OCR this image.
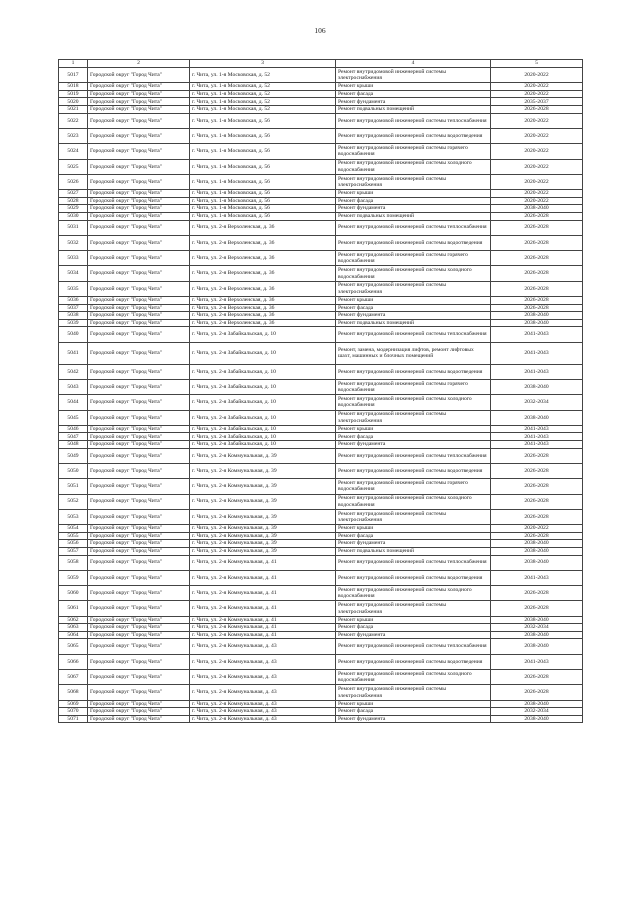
106
1	2	3	4	5
5017	Городской округ "Город Чита"	г. Чита, ул. 1-я Московская, д. 52	Ремонт внутридомовой инженерной системы электроснабжения	2020-2022
5018	Городской округ "Город Чита"	г. Чита, ул. 1-я Московская, д. 52	Ремонт крыши	2020-2022
5019	Городской округ "Город Чита"	г. Чита, ул. 1-я Московская, д. 52	Ремонт фасада	2020-2022
5020	Городской округ "Город Чита"	г. Чита, ул. 1-я Московская, д. 52	Ремонт фундамента	2035-2037
5021	Городской округ "Город Чита"	г. Чита, ул. 1-я Московская, д. 52	Ремонт подвальных помещений	2026-2028
5022	Городской округ "Город Чита"	г. Чита, ул. 1-я Московская, д. 56	Ремонт внутридомовой инженерной системы теплоснабжения	2020-2022
5023	Городской округ "Город Чита"	г. Чита, ул. 1-я Московская, д. 56	Ремонт внутридомовой инженерной системы водоотведения	2020-2022
5024	Городской округ "Город Чита"	г. Чита, ул. 1-я Московская, д. 56	Ремонт внутридомовой инженерной системы горячего водоснабжения	2020-2022
5025	Городской округ "Город Чита"	г. Чита, ул. 1-я Московская, д. 56	Ремонт внутридомовой инженерной системы холодного водоснабжения	2020-2022
5026	Городской округ "Город Чита"	г. Чита, ул. 1-я Московская, д. 56	Ремонт внутридомовой инженерной системы электроснабжения	2020-2022
5027	Городской округ "Город Чита"	г. Чита, ул. 1-я Московская, д. 56	Ремонт крыши	2020-2022
5028	Городской округ "Город Чита"	г. Чита, ул. 1-я Московская, д. 56	Ремонт фасада	2020-2022
5029	Городской округ "Город Чита"	г. Чита, ул. 1-я Московская, д. 56	Ремонт фундамента	2038-2040
5030	Городской округ "Город Чита"	г. Чита, ул. 1-я Московская, д. 56	Ремонт подвальных помещений	2026-2028
5031	Городской округ "Город Чита"	г. Чита, ул. 2-я Верхоленская, д. 36	Ремонт внутридомовой инженерной системы теплоснабжения	2026-2028
5032	Городской округ "Город Чита"	г. Чита, ул. 2-я Верхоленская, д. 36	Ремонт внутридомовой инженерной системы водоотведения	2026-2028
5033	Городской округ "Город Чита"	г. Чита, ул. 2-я Верхоленская, д. 36	Ремонт внутридомовой инженерной системы горячего водоснабжения	2026-2028
5034	Городской округ "Город Чита"	г. Чита, ул. 2-я Верхоленская, д. 36	Ремонт внутридомовой инженерной системы холодного водоснабжения	2026-2028
5035	Городской округ "Город Чита"	г. Чита, ул. 2-я Верхоленская, д. 36	Ремонт внутридомовой инженерной системы электроснабжения	2026-2028
5036	Городской округ "Город Чита"	г. Чита, ул. 2-я Верхоленская, д. 36	Ремонт крыши	2026-2028
5037	Городской округ "Город Чита"	г. Чита, ул. 2-я Верхоленская, д. 36	Ремонт фасада	2026-2028
5038	Городской округ "Город Чита"	г. Чита, ул. 2-я Верхоленская, д. 36	Ремонт фундамента	2038-2040
5039	Городской округ "Город Чита"	г. Чита, ул. 2-я Верхоленская, д. 36	Ремонт подвальных помещений	2038-2040
5040	Городской округ "Город Чита"	г. Чита, ул. 2-я Забайкальская, д. 10	Ремонт внутридомовой инженерной системы теплоснабжения	2041-2043
5041	Городской округ "Город Чита"	г. Чита, ул. 2-я Забайкальская, д. 10	Ремонт, замена, модернизация лифтов, ремонт лифтовых шахт, машинных и блочных помещений	2041-2043
5042	Городской округ "Город Чита"	г. Чита, ул. 2-я Забайкальская, д. 10	Ремонт внутридомовой инженерной системы водоотведения	2041-2043
5043	Городской округ "Город Чита"	г. Чита, ул. 2-я Забайкальская, д. 10	Ремонт внутридомовой инженерной системы горячего водоснабжения	2038-2040
5044	Городской округ "Город Чита"	г. Чита, ул. 2-я Забайкальская, д. 10	Ремонт внутридомовой инженерной системы холодного водоснабжения	2032-2034
5045	Городской округ "Город Чита"	г. Чита, ул. 2-я Забайкальская, д. 10	Ремонт внутридомовой инженерной системы электроснабжения	2038-2040
5046	Городской округ "Город Чита"	г. Чита, ул. 2-я Забайкальская, д. 10	Ремонт крыши	2041-2043
5047	Городской округ "Город Чита"	г. Чита, ул. 2-я Забайкальская, д. 10	Ремонт фасада	2041-2043
5048	Городской округ "Город Чита"	г. Чита, ул. 2-я Забайкальская, д. 10	Ремонт фундамента	2041-2043
5049	Городской округ "Город Чита"	г. Чита, ул. 2-я Коммунальная, д. 39	Ремонт внутридомовой инженерной системы теплоснабжения	2026-2028
5050	Городской округ "Город Чита"	г. Чита, ул. 2-я Коммунальная, д. 39	Ремонт внутридомовой инженерной системы водоотведения	2026-2028
5051	Городской округ "Город Чита"	г. Чита, ул. 2-я Коммунальная, д. 39	Ремонт внутридомовой инженерной системы горячего водоснабжения	2026-2028
5052	Городской округ "Город Чита"	г. Чита, ул. 2-я Коммунальная, д. 39	Ремонт внутридомовой инженерной системы холодного водоснабжения	2026-2028
5053	Городской округ "Город Чита"	г. Чита, ул. 2-я Коммунальная, д. 39	Ремонт внутридомовой инженерной системы электроснабжения	2026-2028
5054	Городской округ "Город Чита"	г. Чита, ул. 2-я Коммунальная, д. 39	Ремонт крыши	2020-2022
5055	Городской округ "Город Чита"	г. Чита, ул. 2-я Коммунальная, д. 39	Ремонт фасада	2026-2028
5056	Городской округ "Город Чита"	г. Чита, ул. 2-я Коммунальная, д. 39	Ремонт фундамента	2038-2040
5057	Городской округ "Город Чита"	г. Чита, ул. 2-я Коммунальная, д. 39	Ремонт подвальных помещений	2038-2040
5058	Городской округ "Город Чита"	г. Чита, ул. 2-я Коммунальная, д. 41	Ремонт внутридомовой инженерной системы теплоснабжения	2038-2040
5059	Городской округ "Город Чита"	г. Чита, ул. 2-я Коммунальная, д. 41	Ремонт внутридомовой инженерной системы водоотведения	2041-2043
5060	Городской округ "Город Чита"	г. Чита, ул. 2-я Коммунальная, д. 41	Ремонт внутридомовой инженерной системы холодного водоснабжения	2026-2028
5061	Городской округ "Город Чита"	г. Чита, ул. 2-я Коммунальная, д. 41	Ремонт внутридомовой инженерной системы электроснабжения	2026-2028
5062	Городской округ "Город Чита"	г. Чита, ул. 2-я Коммунальная, д. 41	Ремонт крыши	2038-2040
5063	Городской округ "Город Чита"	г. Чита, ул. 2-я Коммунальная, д. 41	Ремонт фасада	2032-2034
5064	Городской округ "Город Чита"	г. Чита, ул. 2-я Коммунальная, д. 41	Ремонт фундамента	2038-2040
5065	Городской округ "Город Чита"	г. Чита, ул. 2-я Коммунальная, д. 43	Ремонт внутридомовой инженерной системы теплоснабжения	2038-2040
5066	Городской округ "Город Чита"	г. Чита, ул. 2-я Коммунальная, д. 43	Ремонт внутридомовой инженерной системы водоотведения	2041-2043
5067	Городской округ "Город Чита"	г. Чита, ул. 2-я Коммунальная, д. 43	Ремонт внутридомовой инженерной системы холодного водоснабжения	2026-2028
5068	Городской округ "Город Чита"	г. Чита, ул. 2-я Коммунальная, д. 43	Ремонт внутридомовой инженерной системы электроснабжения	2026-2028
5069	Городской округ "Город Чита"	г. Чита, ул. 2-я Коммунальная, д. 43	Ремонт крыши	2038-2040
5070	Городской округ "Город Чита"	г. Чита, ул. 2-я Коммунальная, д. 43	Ремонт фасада	2032-2034
5071	Городской округ "Город Чита"	г. Чита, ул. 2-я Коммунальная, д. 43	Ремонт фундамента	2038-2040
